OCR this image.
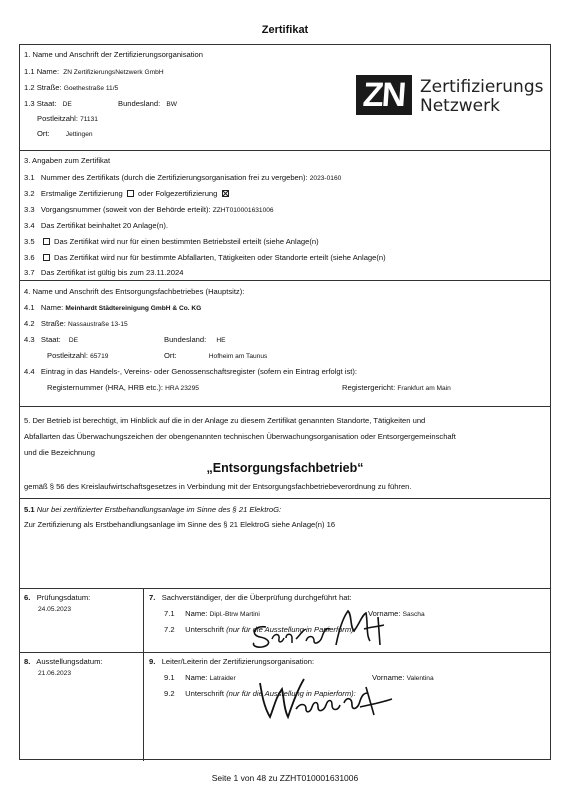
Zertifikat
1. Name und Anschrift der Zertifizierungsorganisation
1.1 Name: ZN ZertifizierungsNetzwerk GmbH
1.2 Straße: Goethestraße 11/5
1.3 Staat: DE	Bundesland: BW
Postleitzahl: 71131
Ort: Jettingen
ZN Zertifizierungs
Netzwerk
3. Angaben zum Zertifikat
3.1 Nummer des Zertifikats (durch die Zertifizierungsorganisation frei zu vergeben): 2023-0160
3.2 Erstmalige Zertifizierung oder Folgezertifizierung
3.3 Vorgangsnummer (soweit von der Behörde erteilt): ZZHT010001631006
3.4 Das Zertifikat beinhaltet 20 Anlage(n).
3.5	Das Zertifikat wird nur für einen bestimmten Betriebsteil erteilt (siehe Anlage(n)
3.6	Das Zertifikat wird nur für bestimmte Abfallarten, Tätigkeiten oder Standorte erteilt (siehe Anlage(n)
3.7 Das Zertifikat ist gültig bis zum 23.11.2024
4. Name und Anschrift des Entsorgungsfachbetriebes (Hauptsitz):
4.1 Name: Meinhardt Städtereinigung GmbH & Co. KG
4.2 Straße: Nassaustraße 13-15
4.3 Staat: DE	Bundesland: HE
Postleitzahl: 65719	Ort:	Hofheim am Taunus
4.4 Eintrag in das Handels-, Vereins- oder Genossenschaftsregister (sofern ein Eintrag erfolgt ist):
Registernummer (HRA, HRB etc.): HRA 23295	Registergericht: Frankfurt am Main
5. Der Betrieb ist berechtigt, im Hinblick auf die in der Anlage zu diesem Zertifikat genannten Standorte, Tätigkeiten und
Abfallarten das Überwachungszeichen der obengenannten technischen Überwachungsorganisation oder Entsorgergemeinschaft
und die Bezeichnung
„Entsorgungsfachbetrieb“
gemäß § 56 des Kreislaufwirtschaftsgesetzes in Verbindung mit der Entsorgungsfachbetriebeverordnung zu führen.
5.1 Nur bei zertifizierter Erstbehandlungsanlage im Sinne des § 21 ElektroG:
Zur Zertifizierung als Erstbehandlungsanlage im Sinne des § 21 ElektroG siehe Anlage(n) 16
6. Prüfungsdatum:
24.05.2023
7. Sachverständiger, der die Überprüfung durchgeführt hat:
7.1 Name: Dipl.-Btrw Martini	Vorname: Sascha
7.2 Unterschrift (nur für die Ausstellung in Papierform):
8. Ausstellungsdatum:
21.06.2023
9. Leiter/Leiterin der Zertifizierungsorganisation:
9.1 Name: Latraider	Vorname: Valentina
9.2 Unterschrift (nur für die Ausstellung in Papierform):
Seite 1 von 48 zu ZZHT010001631006
